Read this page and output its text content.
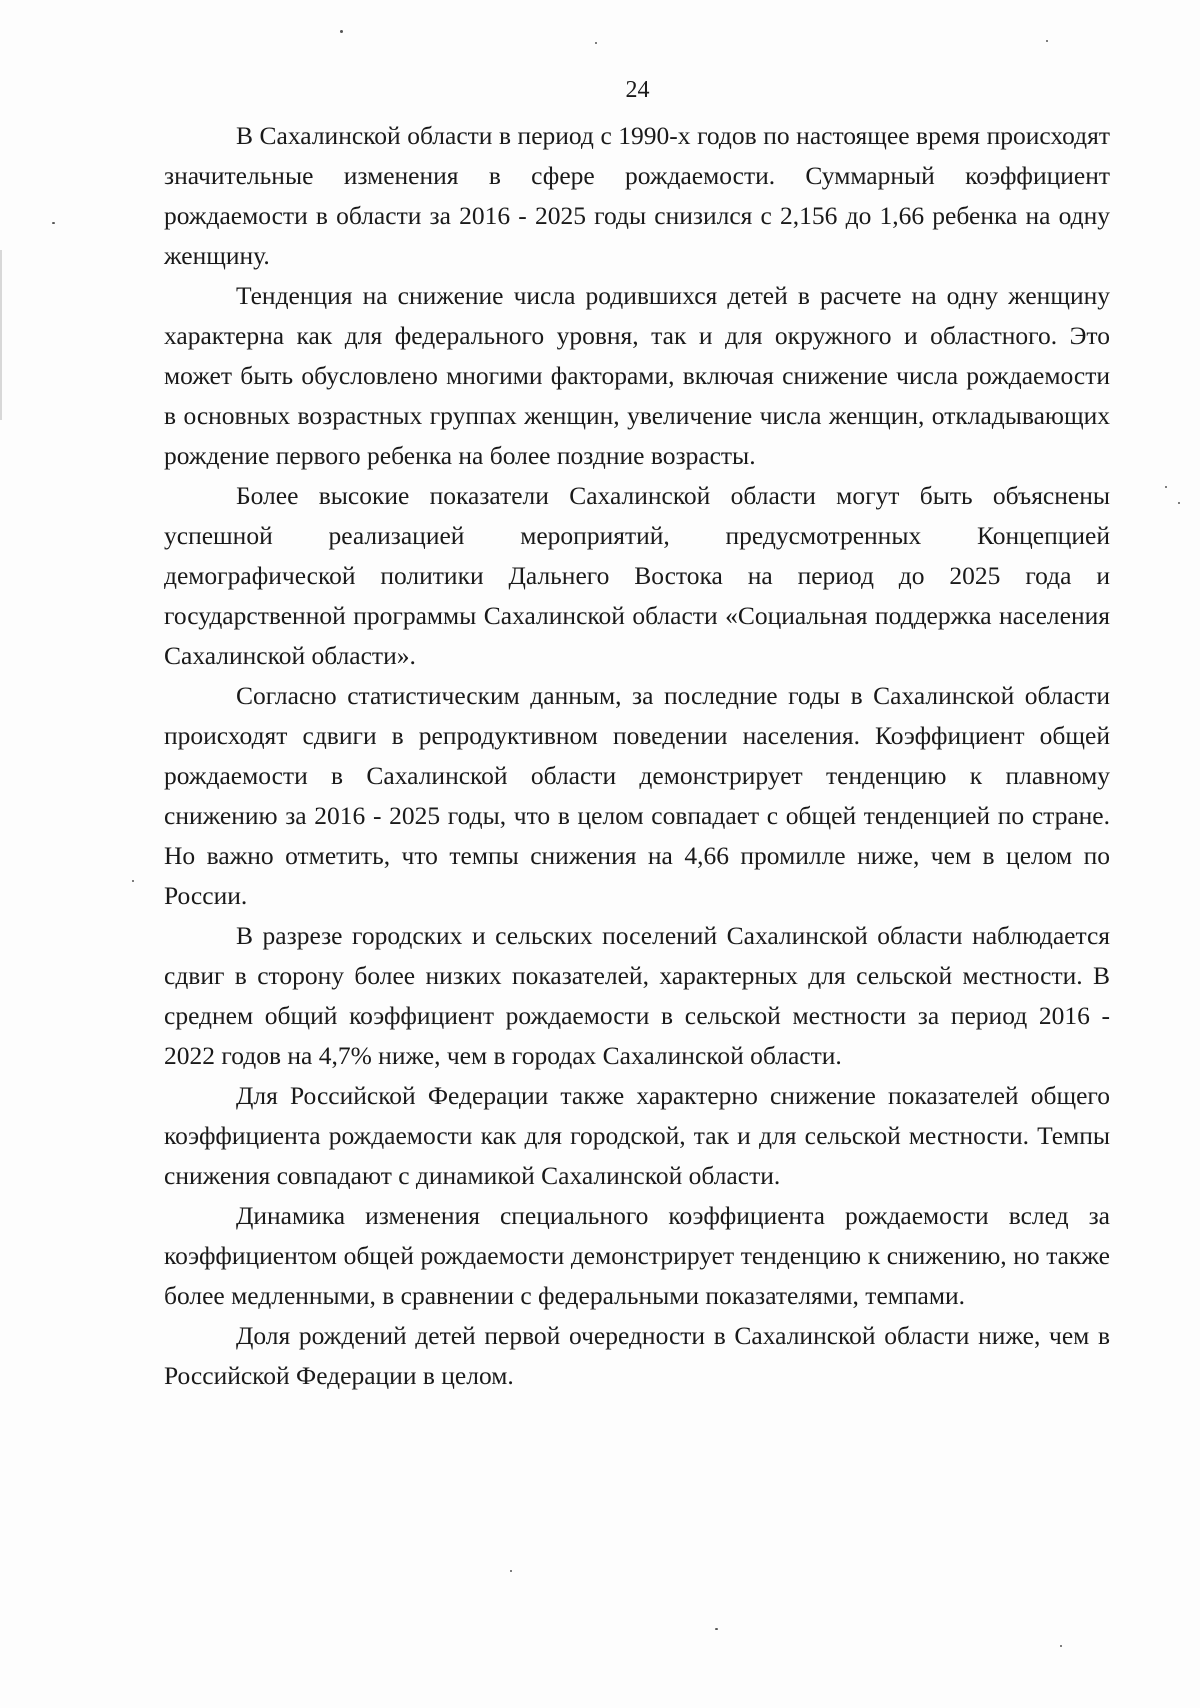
24

В Сахалинской области в период с 1990-х годов по настоящее время происходят значительные изменения в сфере рождаемости. Суммарный коэффициент рождаемости в области за 2016 - 2025 годы снизился с 2,156 до 1,66 ребенка на одну женщину.

Тенденция на снижение числа родившихся детей в расчете на одну женщину характерна как для федерального уровня, так и для окружного и областного. Это может быть обусловлено многими факторами, включая снижение числа рождаемости в основных возрастных группах женщин, увеличение числа женщин, откладывающих рождение первого ребенка на более поздние возрасты.

Более высокие показатели Сахалинской области могут быть объяснены успешной реализацией мероприятий, предусмотренных Концепцией демографической политики Дальнего Востока на период до 2025 года и государственной программы Сахалинской области «Социальная поддержка населения Сахалинской области».

Согласно статистическим данным, за последние годы в Сахалинской области происходят сдвиги в репродуктивном поведении населения. Коэффициент общей рождаемости в Сахалинской области демонстрирует тенденцию к плавному снижению за 2016 - 2025 годы, что в целом совпадает с общей тенденцией по стране. Но важно отметить, что темпы снижения на 4,66 промилле ниже, чем в целом по России.

В разрезе городских и сельских поселений Сахалинской области наблюдается сдвиг в сторону более низких показателей, характерных для сельской местности. В среднем общий коэффициент рождаемости в сельской местности за период 2016 - 2022 годов на 4,7% ниже, чем в городах Сахалинской области.

Для Российской Федерации также характерно снижение показателей общего коэффициента рождаемости как для городской, так и для сельской местности. Темпы снижения совпадают с динамикой Сахалинской области.

Динамика изменения специального коэффициента рождаемости вслед за коэффициентом общей рождаемости демонстрирует тенденцию к снижению, но также более медленными, в сравнении с федеральными показателями, темпами.

Доля рождений детей первой очередности в Сахалинской области ниже, чем в Российской Федерации в целом.
